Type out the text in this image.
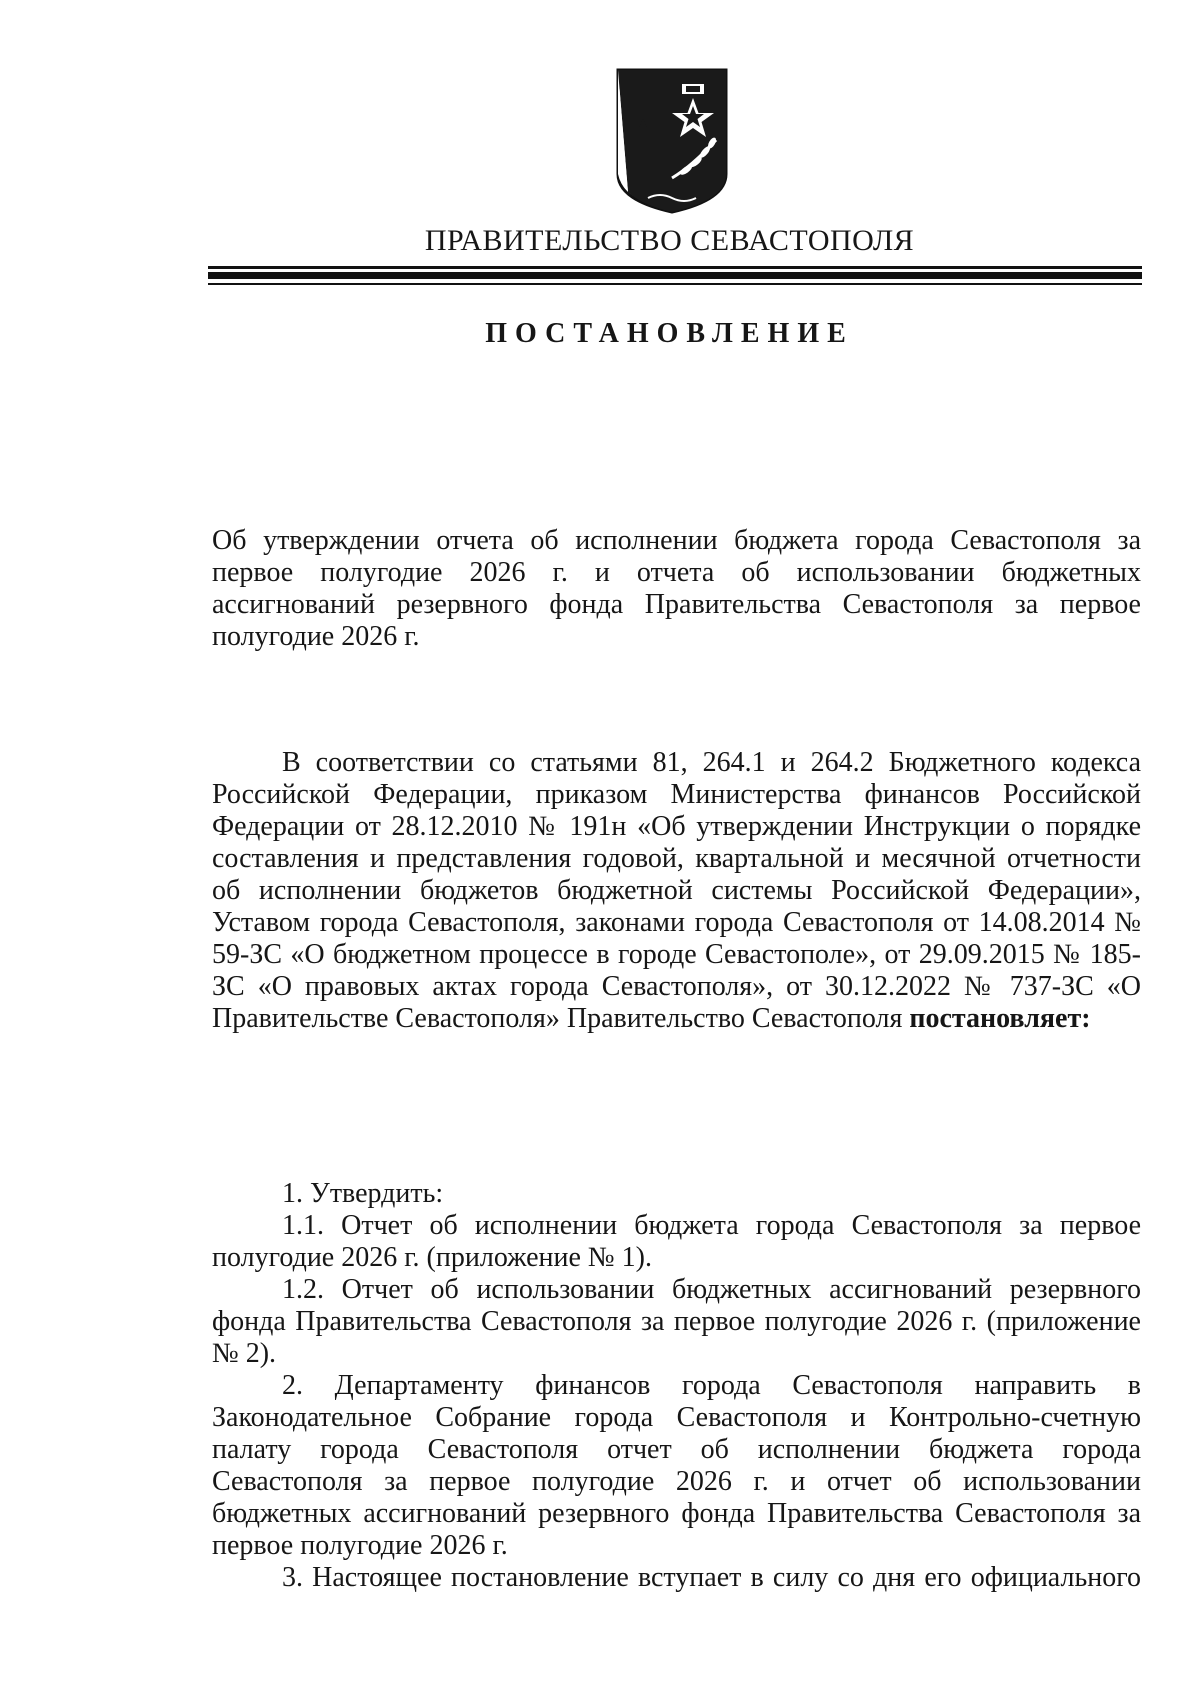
ПРАВИТЕЛЬСТВО СЕВАСТОПОЛЯ
ПОСТАНОВЛЕНИЕ
Об утверждении отчета об исполнении бюджета города Севастополя за первое полугодие 2026 г. и отчета об использовании бюджетных ассигнований резервного фонда Правительства Севастополя за первое полугодие 2026 г.

В соответствии со статьями 81, 264.1 и 264.2 Бюджетного кодекса Российской Федерации, приказом Министерства финансов Российской Федерации от 28.12.2010 № 191н «Об утверждении Инструкции о порядке составления и представления годовой, квартальной и месячной отчетности об исполнении бюджетов бюджетной системы Российской Федерации», Уставом города Севастополя, законами города Севастополя от 14.08.2014 № 59-ЗС «О бюджетном процессе в городе Севастополе», от 29.09.2015 № 185-ЗС «О правовых актах города Севастополя», от 30.12.2022 № 737-ЗС «О Правительстве Севастополя» Правительство Севастополя постановляет:

1. Утвердить:

1.1. Отчет об исполнении бюджета города Севастополя за первое полугодие 2026 г. (приложение № 1).

1.2. Отчет об использовании бюджетных ассигнований резервного фонда Правительства Севастополя за первое полугодие 2026 г. (приложение № 2).

2. Департаменту финансов города Севастополя направить в Законодательное Собрание города Севастополя и Контрольно-счетную палату города Севастополя отчет об исполнении бюджета города Севастополя за первое полугодие 2026 г. и отчет об использовании бюджетных ассигнований резервного фонда Правительства Севастополя за первое полугодие 2026 г.

3. Настоящее постановление вступает в силу со дня его официального
